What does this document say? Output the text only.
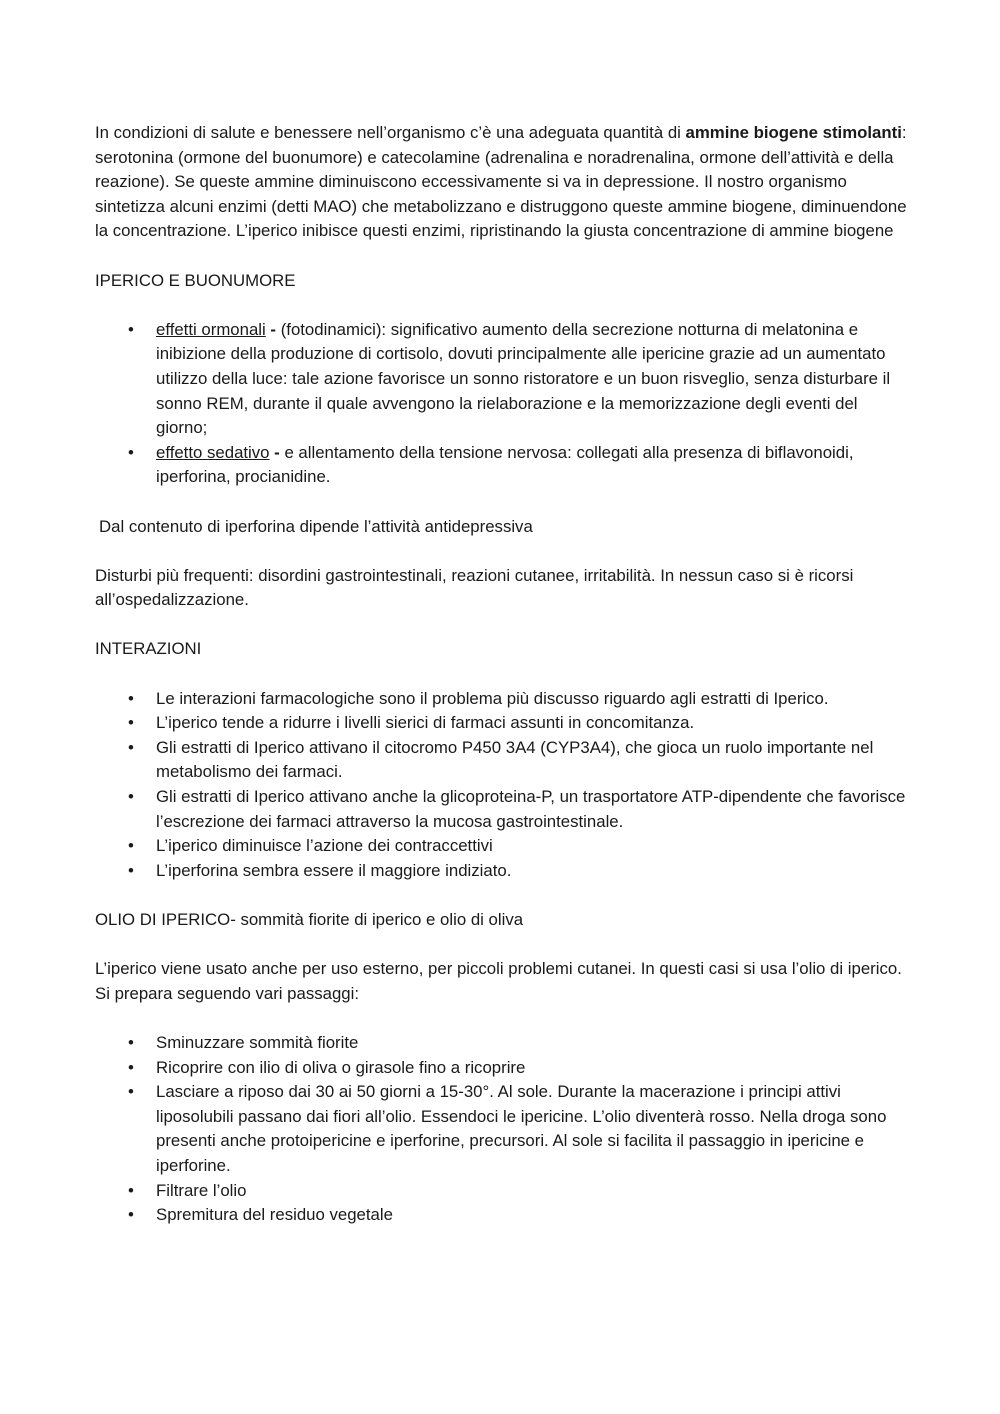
In condizioni di salute e benessere nell’organismo c’è una adeguata quantità di ammine biogene stimolanti: serotonina (ormone del buonumore) e catecolamine (adrenalina e noradrenalina, ormone dell’attività e della reazione). Se queste ammine diminuiscono eccessivamente si va in depressione. Il nostro organismo sintetizza alcuni enzimi (detti MAO) che metabolizzano e distruggono queste ammine biogene, diminuendone la concentrazione. L’iperico inibisce questi enzimi, ripristinando la giusta concentrazione di ammine biogene

IPERICO E BUONUMORE

• effetti ormonali - (fotodinamici): significativo aumento della secrezione notturna di melatonina e inibizione della produzione di cortisolo, dovuti principalmente alle ipericine grazie ad un aumentato utilizzo della luce: tale azione favorisce un sonno ristoratore e un buon risveglio, senza disturbare il sonno REM, durante il quale avvengono la rielaborazione e la memorizzazione degli eventi del giorno;
• effetto sedativo - e allentamento della tensione nervosa: collegati alla presenza di biflavonoidi, iperforina, procianidine.

Dal contenuto di iperforina dipende l’attività antidepressiva

Disturbi più frequenti: disordini gastrointestinali, reazioni cutanee, irritabilità. In nessun caso si è ricorsi all’ospedalizzazione.

INTERAZIONI

• Le interazioni farmacologiche sono il problema più discusso riguardo agli estratti di Iperico.
• L’iperico tende a ridurre i livelli sierici di farmaci assunti in concomitanza.
• Gli estratti di Iperico attivano il citocromo P450 3A4 (CYP3A4), che gioca un ruolo importante nel metabolismo dei farmaci.
• Gli estratti di Iperico attivano anche la glicoproteina-P, un trasportatore ATP-dipendente che favorisce l’escrezione dei farmaci attraverso la mucosa gastrointestinale.
• L’iperico diminuisce l’azione dei contraccettivi
• L’iperforina sembra essere il maggiore indiziato.

OLIO DI IPERICO- sommità fiorite di iperico e olio di oliva

L’iperico viene usato anche per uso esterno, per piccoli problemi cutanei. In questi casi si usa l’olio di iperico. Si prepara seguendo vari passaggi:

• Sminuzzare sommità fiorite
• Ricoprire con ilio di oliva o girasole fino a ricoprire
• Lasciare a riposo dai 30 ai 50 giorni a 15-30°. Al sole. Durante la macerazione i principi attivi liposolubili passano dai fiori all’olio. Essendoci le ipericine. L’olio diventerà rosso. Nella droga sono presenti anche protoipericine e iperforine, precursori. Al sole si facilita il passaggio in ipericine e iperforine.
• Filtrare l’olio
• Spremitura del residuo vegetale
